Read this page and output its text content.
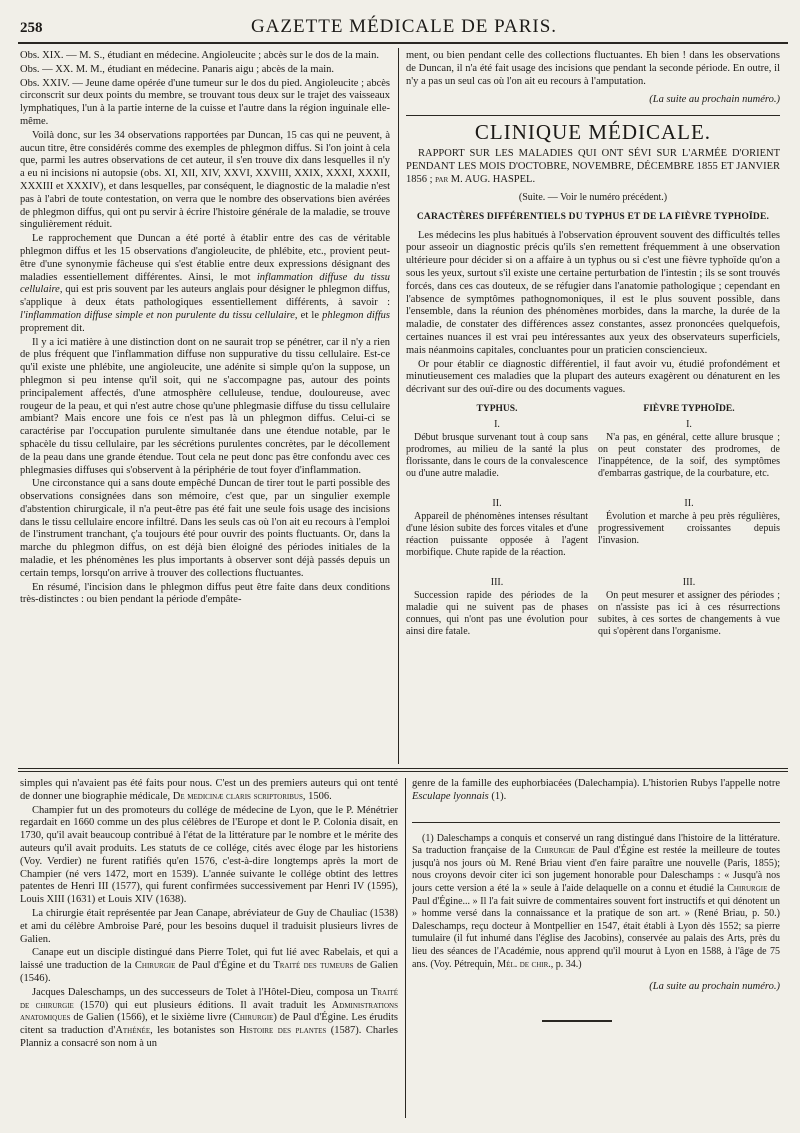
258	GAZETTE MÉDICALE DE PARIS.

Obs. XIX. — M. S., étudiant en médecine. Angioleucite ; abcès sur le dos de la main.

Obs. — XX. M. M., étudiant en médecine. Panaris aigu ; abcès de la main.

Obs. XXIV. — Jeune dame opérée d'une tumeur sur le dos du pied. Angioleucite ; abcès circonscrit sur deux points du membre, se trouvant tous deux sur le trajet des vaisseaux lymphatiques, l'un à la partie interne de la cuisse et l'autre dans la région inguinale elle-même.

Voilà donc, sur les 34 observations rapportées par Duncan, 15 cas qui ne peuvent, à aucun titre, être considérés comme des exemples de phlegmon diffus. Si l'on joint à cela que, parmi les autres observations de cet auteur, il s'en trouve dix dans lesquelles il n'y a eu ni incisions ni autopsie (obs. XI, XII, XIV, XXVI, XXVIII, XXIX, XXXI, XXXII, XXXIII et XXXIV), et dans lesquelles, par conséquent, le diagnostic de la maladie n'est pas à l'abri de toute contestation, on verra que le nombre des observations bien avérées de phlegmon diffus, qui ont pu servir à écrire l'histoire générale de la maladie, se trouve singulièrement réduit.

Le rapprochement que Duncan a été porté à établir entre des cas de véritable phlegmon diffus et les 15 observations d'angioleucite, de phlébite, etc., provient peut-être d'une synonymie fâcheuse qui s'est établie entre deux expressions désignant des maladies essentiellement différentes. Ainsi, le mot inflammation diffuse du tissu cellulaire, qui est pris souvent par les auteurs anglais pour désigner le phlegmon diffus, s'applique à deux états pathologiques essentiellement différents, à savoir : l'inflammation diffuse simple et non purulente du tissu cellulaire, et le phlegmon diffus proprement dit.

Il y a ici matière à une distinction dont on ne saurait trop se pénétrer, car il n'y a rien de plus fréquent que l'inflammation diffuse non suppurative du tissu cellulaire. Est-ce qu'il existe une phlébite, une angioleucite, une adénite si simple qu'on la suppose, un phlegmon si peu intense qu'il soit, qui ne s'accompagne pas, autour des points principalement affectés, d'une atmosphère celluleuse, tendue, douloureuse, avec rougeur de la peau, et qui n'est autre chose qu'une phlegmasie diffuse du tissu cellulaire ambiant? Mais encore une fois ce n'est pas là un phlegmon diffus. Celui-ci se caractérise par l'occupation purulente simultanée dans une étendue notable, par le sphacèle du tissu cellulaire, par les sécrétions purulentes concrètes, par le décollement de la peau dans une grande étendue. Tout cela ne peut donc pas être confondu avec ces phlegmasies diffuses qui s'observent à la périphérie de tout foyer d'inflammation.

Une circonstance qui a sans doute empêché Duncan de tirer tout le parti possible des observations consignées dans son mémoire, c'est que, par un singulier exemple d'abstention chirurgicale, il n'a peut-être pas été fait une seule fois usage des incisions dans le tissu cellulaire encore infiltré. Dans les seuls cas où l'on ait eu recours à l'emploi de l'instrument tranchant, ç'a toujours été pour ouvrir des points fluctuants. Or, dans la marche du phlegmon diffus, on est déjà bien éloigné des périodes initiales de la maladie, et les phénomènes les plus importants à observer sont déjà passés depuis un certain temps, lorsqu'on arrive à trouver des collections fluctuantes.

En résumé, l'incision dans le phlegmon diffus peut être faite dans deux conditions très-distinctes : ou bien pendant la période d'empâte-

ment, ou bien pendant celle des collections fluctuantes. Eh bien ! dans les observations de Duncan, il n'a été fait usage des incisions que pendant la seconde période. En outre, il n'y a pas un seul cas où l'on ait eu recours à l'amputation.

(La suite au prochain numéro.)

CLINIQUE MÉDICALE.
RAPPORT SUR LES MALADIES QUI ONT SÉVI SUR L'ARMÉE D'ORIENT PENDANT LES MOIS D'OCTOBRE, NOVEMBRE, DÉCEMBRE 1855 ET JANVIER 1856 ; par M. AUG. HASPEL.
(Suite. — Voir le numéro précédent.)
CARACTÈRES DIFFÉRENTIELS DU TYPHUS ET DE LA FIÈVRE TYPHOÏDE.

Les médecins les plus habitués à l'observation éprouvent souvent des difficultés telles pour asseoir un diagnostic précis qu'ils s'en remettent fréquemment à une observation ultérieure pour décider si on a affaire à un typhus ou si c'est une fièvre typhoïde qu'on a sous les yeux, surtout s'il existe une certaine perturbation de l'intestin ; ils se sont trouvés forcés, dans ces cas douteux, de se réfugier dans l'anatomie pathologique ; cependant en l'absence de symptômes pathognomoniques, il est le plus souvent possible, dans l'ensemble, dans la réunion des phénomènes morbides, dans la marche, la durée de la maladie, de constater des différences assez constantes, assez prononcées quelquefois, certaines nuances il est vrai peu intéressantes aux yeux des observateurs superficiels, mais néanmoins capitales, concluantes pour un praticien consciencieux.

Or pour établir ce diagnostic différentiel, il faut avoir vu, étudié profondément et minutieusement ces maladies que la plupart des auteurs exagèrent ou dénaturent en les décrivant sur des ouï-dire ou des documents vagues.

TYPHUS.
I.
Début brusque survenant tout à coup sans prodromes, au milieu de la santé la plus florissante, dans le cours de la convalescence ou d'une autre maladie.
II.
Appareil de phénomènes intenses résultant d'une lésion subite des forces vitales et d'une réaction puissante opposée à l'agent morbifique. Chute rapide de la réaction.
III.
Succession rapide des périodes de la maladie qui ne suivent pas de phases connues, qui n'ont pas une évolution pour ainsi dire fatale.
FIÈVRE TYPHOÏDE.
I.
N'a pas, en général, cette allure brusque ; on peut constater des prodromes, de l'inappétence, de la soif, des symptômes d'embarras gastrique, de la courbature, etc.
II.
Évolution et marche à peu près régulières, progressivement croissantes depuis l'invasion.
III.
On peut mesurer et assigner des périodes ; on n'assiste pas ici à ces résurrections subites, à ces sortes de changements à vue qui s'opèrent dans l'organisme.

simples qui n'avaient pas été faits pour nous. C'est un des premiers auteurs qui ont tenté de donner une biographie médicale, De medicinæ claris scriptoribus, 1506.

Champier fut un des promoteurs du collége de médecine de Lyon, que le P. Ménétrier regardait en 1660 comme un des plus célèbres de l'Europe et dont le P. Colonia disait, en 1730, qu'il avait beaucoup contribué à l'état de la littérature par le nombre et le mérite des auteurs qu'il avait produits. Les statuts de ce collége, cités avec éloge par les historiens (Voy. Verdier) ne furent ratifiés qu'en 1576, c'est-à-dire longtemps après la mort de Champier (né vers 1472, mort en 1539). L'année suivante le collége obtint des lettres patentes de Henri III (1577), qui furent confirmées successivement par Henri IV (1595), Louis XIII (1631) et Louis XIV (1638).

La chirurgie était représentée par Jean Canape, abréviateur de Guy de Chauliac (1538) et ami du célèbre Ambroise Paré, pour les besoins duquel il traduisit plusieurs livres de Galien.

Canape eut un disciple distingué dans Pierre Tolet, qui fut lié avec Rabelais, et qui a laissé une traduction de la Chirurgie de Paul d'Égine et du Traité des tumeurs de Galien (1546).

Jacques Daleschamps, un des successeurs de Tolet à l'Hôtel-Dieu, composa un Traité de chirurgie (1570) qui eut plusieurs éditions. Il avait traduit les Administrations anatomiques de Galien (1566), et le sixième livre (Chirurgie) de Paul d'Égine. Les érudits citent sa traduction d'Athénée, les botanistes son Histoire des plantes (1587). Charles Planniz a consacré son nom à un

genre de la famille des euphorbiacées (Dalechampia). L'historien Rubys l'appelle notre Esculape lyonnais (1).

(1) Daleschamps a conquis et conservé un rang distingué dans l'histoire de la littérature. Sa traduction française de la Chirurgie de Paul d'Égine est restée la meilleure de toutes jusqu'à nos jours où M. René Briau vient d'en faire paraître une nouvelle (Paris, 1855); nous croyons devoir citer ici son jugement honorable pour Daleschamps : « Jusqu'à nos jours cette version a été la » seule à l'aide delaquelle on a connu et étudié la Chirurgie de Paul d'Égine... » Il l'a fait suivre de commentaires souvent fort instructifs et qui dénotent un » homme versé dans la connaissance et la pratique de son art. » (René Briau, p. 50.) Daleschamps, reçu docteur à Montpellier en 1547, était établi à Lyon dès 1552; sa pierre tumulaire (il fut inhumé dans l'église des Jacobins), conservée au palais des Arts, près du lieu des séances de l'Académie, nous apprend qu'il mourut à Lyon en 1588, à l'âge de 75 ans. (Voy. Pétrequin, Mél. de chir., p. 34.)

(La suite au prochain numéro.)
